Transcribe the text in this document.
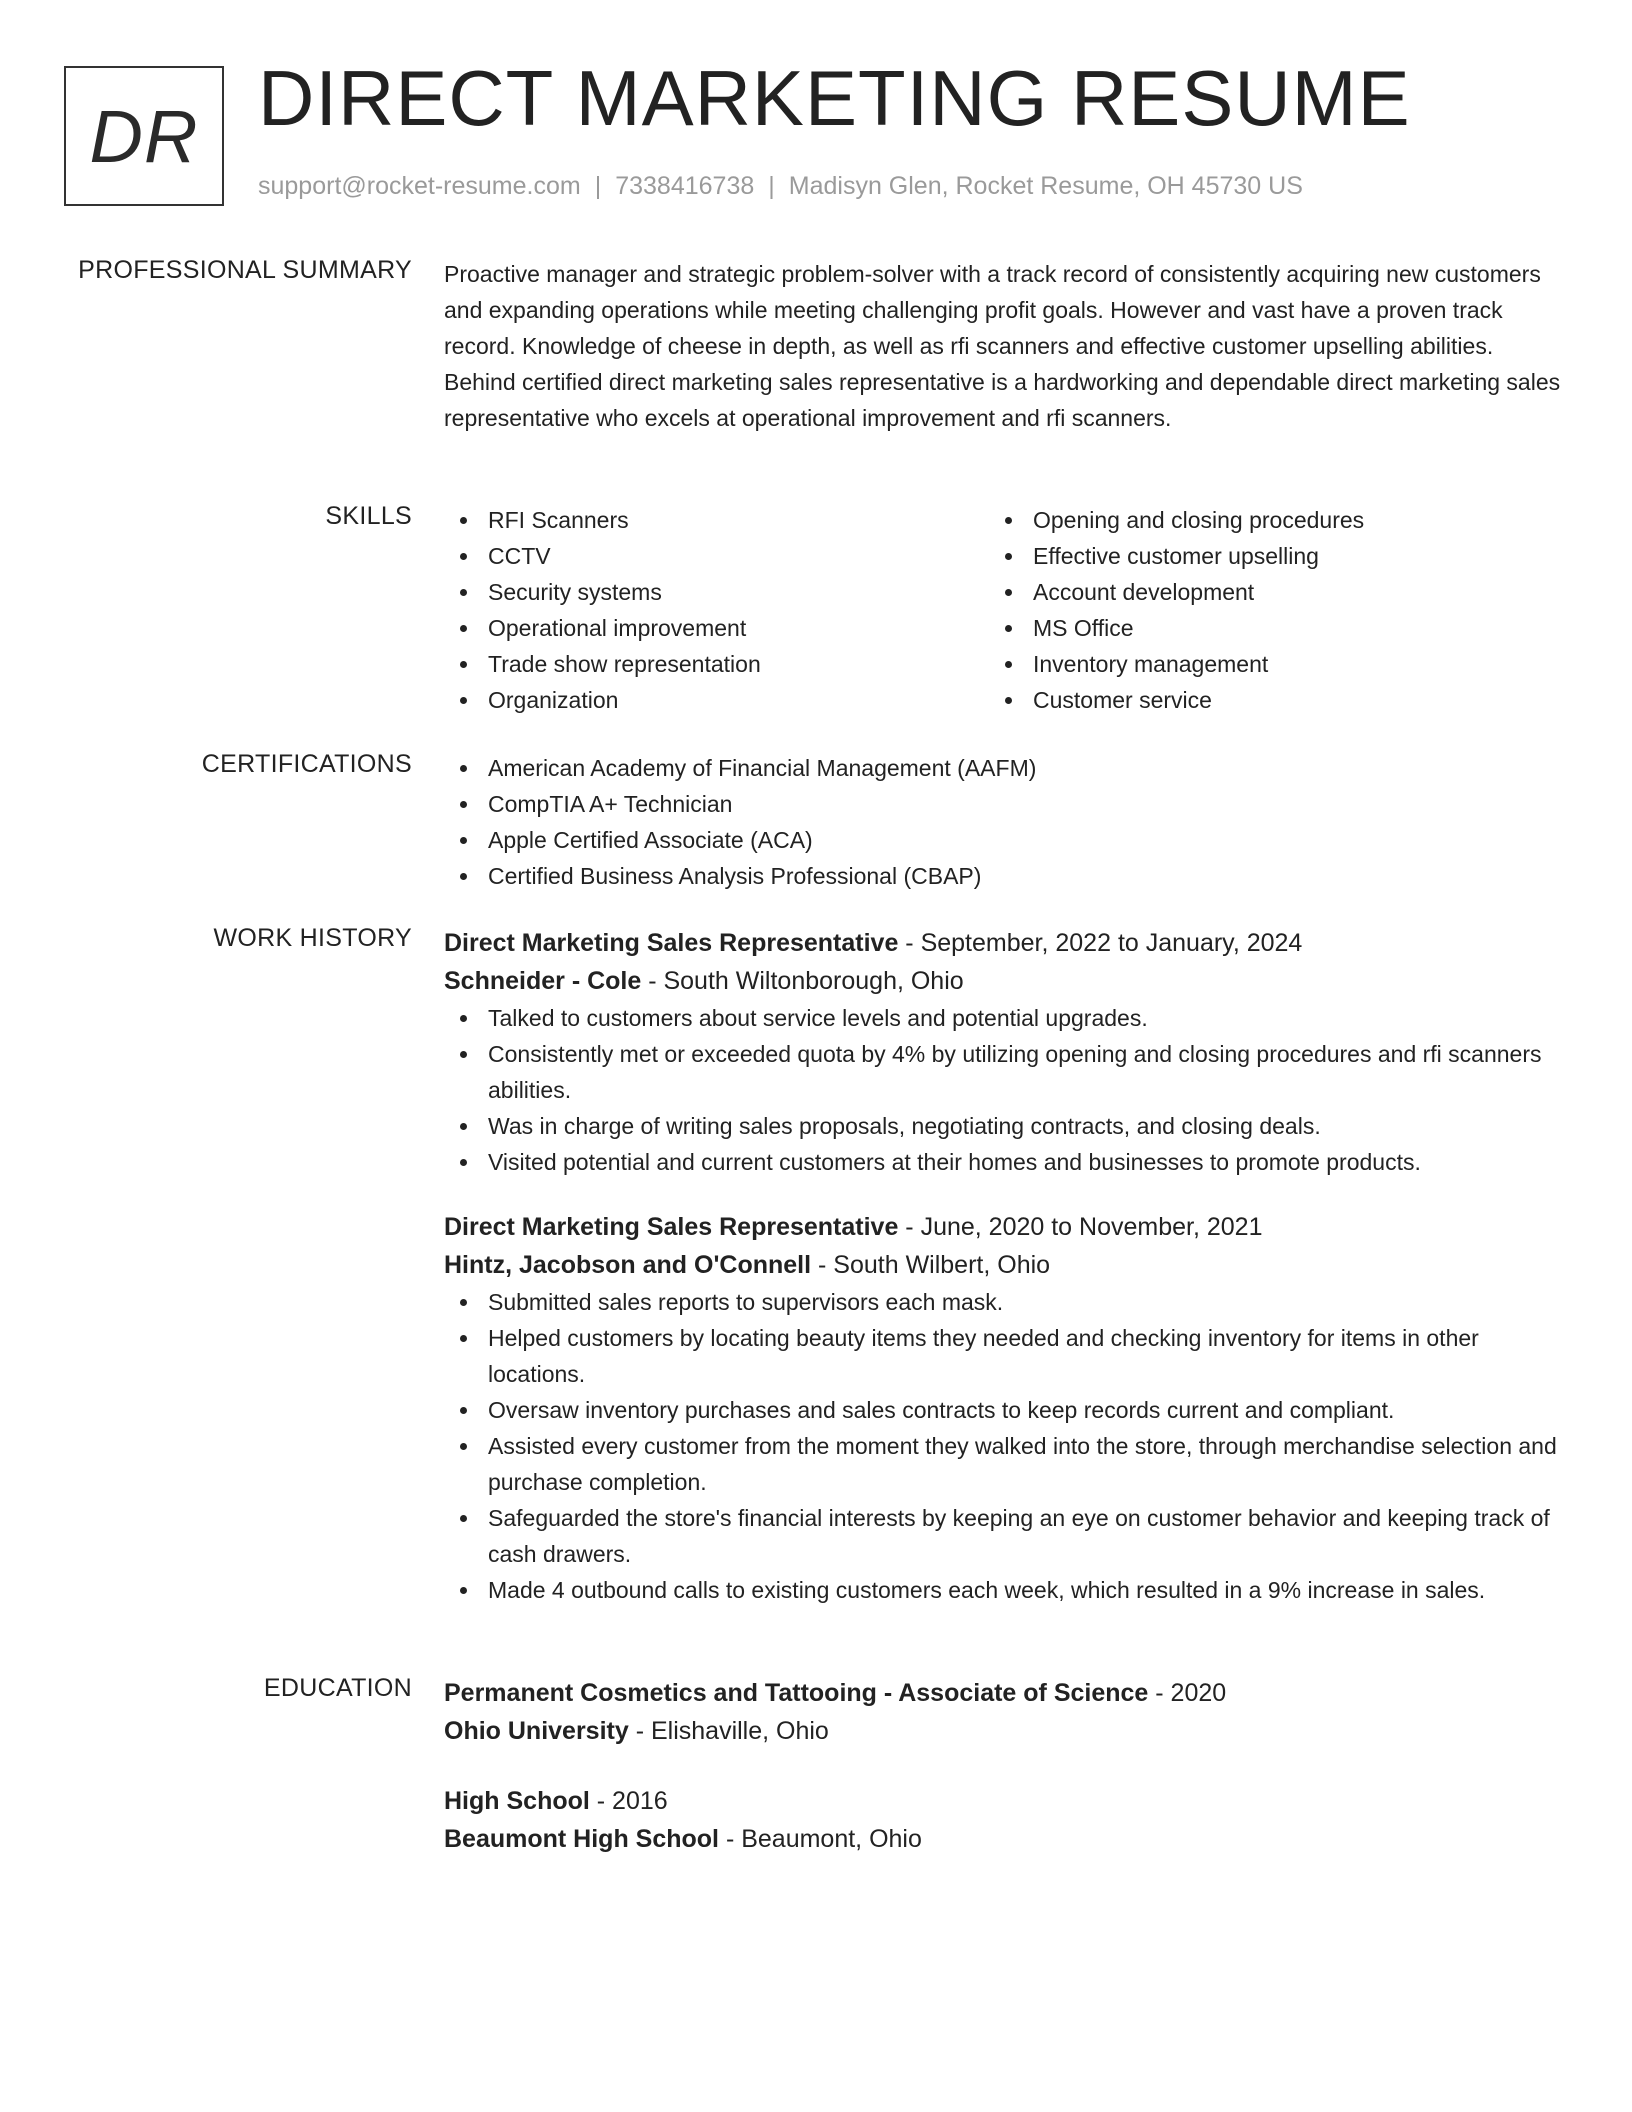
DR DIRECT MARKETING RESUME
support@rocket-resume.com | 7338416738 | Madisyn Glen, Rocket Resume, OH 45730 US
PROFESSIONAL SUMMARY Proactive manager and strategic problem-solver with a track record of consistently acquiring new customers and expanding operations while meeting challenging profit goals. However and vast have a proven track record. Knowledge of cheese in depth, as well as rfi scanners and effective customer upselling abilities. Behind certified direct marketing sales representative is a hardworking and dependable direct marketing sales representative who excels at operational improvement and rfi scanners.

SKILLS	RFI Scanners
CCTV
Security systems
Operational improvement
Trade show representation
Organization
Opening and closing procedures
Effective customer upselling
Account development
MS Office
Inventory management
Customer service
CERTIFICATIONS	American Academy of Financial Management (AAFM)
CompTIA A+ Technician
Apple Certified Associate (ACA)
Certified Business Analysis Professional (CBAP)
WORK HISTORY Direct Marketing Sales Representative - September, 2022 to January, 2024
Schneider - Cole - South Wiltonborough, Ohio
Talked to customers about service levels and potential upgrades.
Consistently met or exceeded quota by 4% by utilizing opening and closing procedures and rfi scanners abilities.
Was in charge of writing sales proposals, negotiating contracts, and closing deals.
Visited potential and current customers at their homes and businesses to promote products.
Direct Marketing Sales Representative - June, 2020 to November, 2021
Hintz, Jacobson and O'Connell - South Wilbert, Ohio
Submitted sales reports to supervisors each mask.
Helped customers by locating beauty items they needed and checking inventory for items in other locations.
Oversaw inventory purchases and sales contracts to keep records current and compliant.
Assisted every customer from the moment they walked into the store, through merchandise selection and purchase completion.
Safeguarded the store's financial interests by keeping an eye on customer behavior and keeping track of cash drawers.
Made 4 outbound calls to existing customers each week, which resulted in a 9% increase in sales.
EDUCATION Permanent Cosmetics and Tattooing - Associate of Science - 2020
Ohio University - Elishaville, Ohio
High School - 2016
Beaumont High School - Beaumont, Ohio
